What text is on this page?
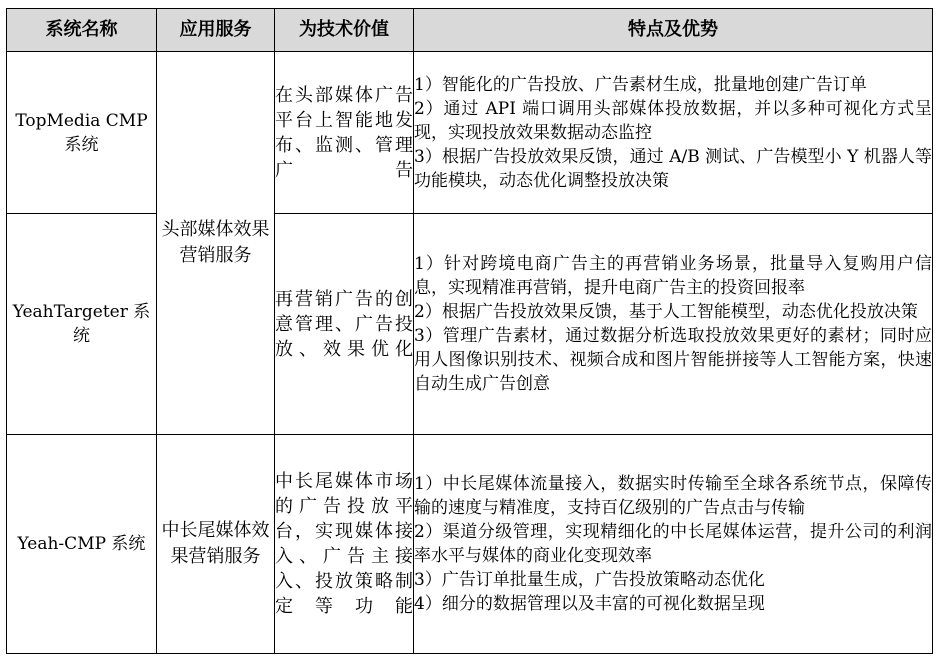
系统名称	应用服务	为技术价值	特点及优势
TopMedia CMP 系统	头部媒体效果营销服务	在头部媒体广告平台上智能地发布、监测、管理广告	1）智能化的广告投放、广告素材生成，批量地创建广告订单
2）通过 API 端口调用头部媒体投放数据，并以多种可视化方式呈现，实现投放效果数据动态监控
3）根据广告投放效果反馈，通过 A/B 测试、广告模型小 Y 机器人等功能模块，动态优化调整投放决策

YeahTargeter 系统		再营销广告的创意管理、广告投放、效果优化	1）针对跨境电商广告主的再营销业务场景，批量导入复购用户信息，实现精准再营销，提升电商广告主的投资回报率
2）根据广告投放效果反馈，基于人工智能模型，动态优化投放决策
3）管理广告素材，通过数据分析选取投放效果更好的素材；同时应用人图像识别技术、视频合成和图片智能拼接等人工智能方案，快速自动生成广告创意

Yeah-CMP 系统	中长尾媒体效果营销服务	中长尾媒体市场的广告投放平台，实现媒体接入、广告主接入、投放策略制定等功能	1）中长尾媒体流量接入，数据实时传输至全球各系统节点，保障传输的速度与精准度，支持百亿级别的广告点击与传输
2）渠道分级管理，实现精细化的中长尾媒体运营，提升公司的利润率水平与媒体的商业化变现效率
3）广告订单批量生成，广告投放策略动态优化
4）细分的数据管理以及丰富的可视化数据呈现
